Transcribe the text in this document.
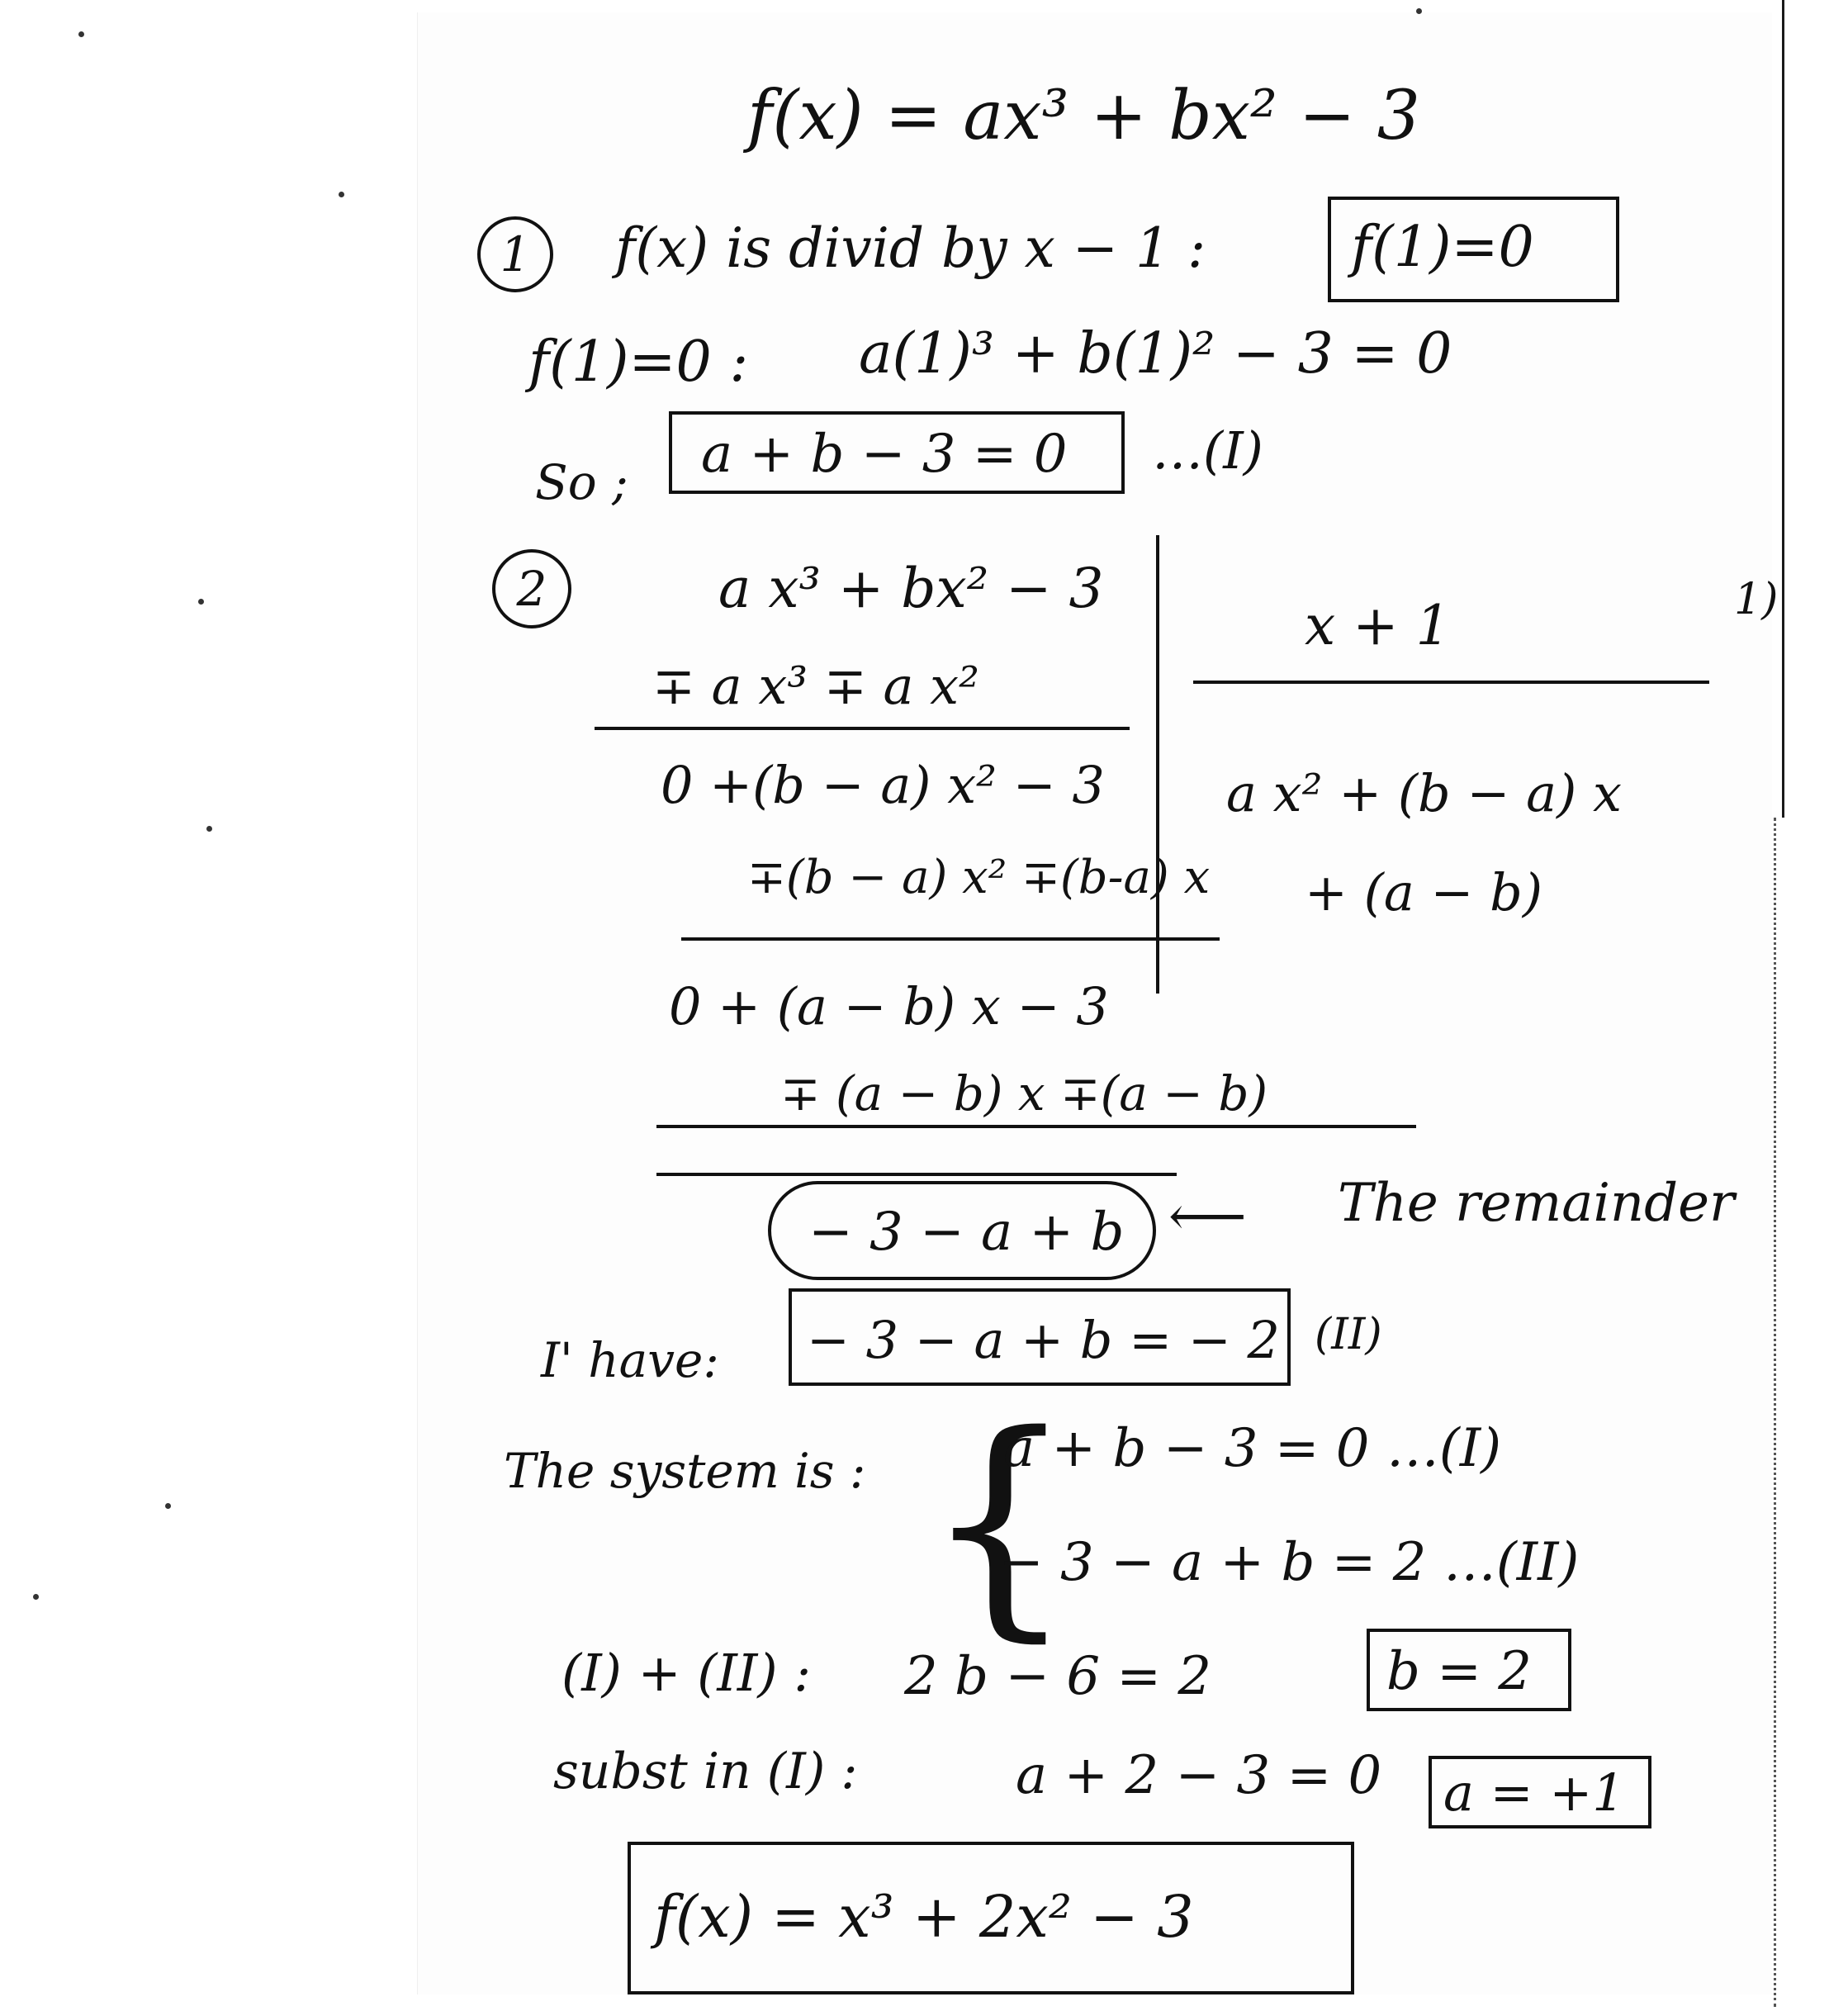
f(x) = ax³ + bx² − 3
1	f(x) is divid by x − 1 :	f(1)=0
f(1)=0 : a(1)³ + b(1)² − 3 = 0
So ; a + b − 3 = 0 …(I)
2	a x³ + bx² − 3
x + 1	1)
∓ a x³ ∓ a x²
0 +(b − a) x² − 3 a x² + (b − a) x
∓(b − a) x² ∓(b-a) x + (a − b)
0 + (a − b) x − 3
∓ (a − b) x ∓(a − b)
− 3 − a + b ⟵ The remainder
I' have: − 3 − a + b = − 2 (II)
The system is : {
a + b − 3 = 0 …(I)
− 3 − a + b = 2 …(II)
(I) + (II) : 2 b − 6 = 2	b = 2
subst in (I) :	a + 2 − 3 = 0 a = +1
f(x) = x³ + 2x² − 3
